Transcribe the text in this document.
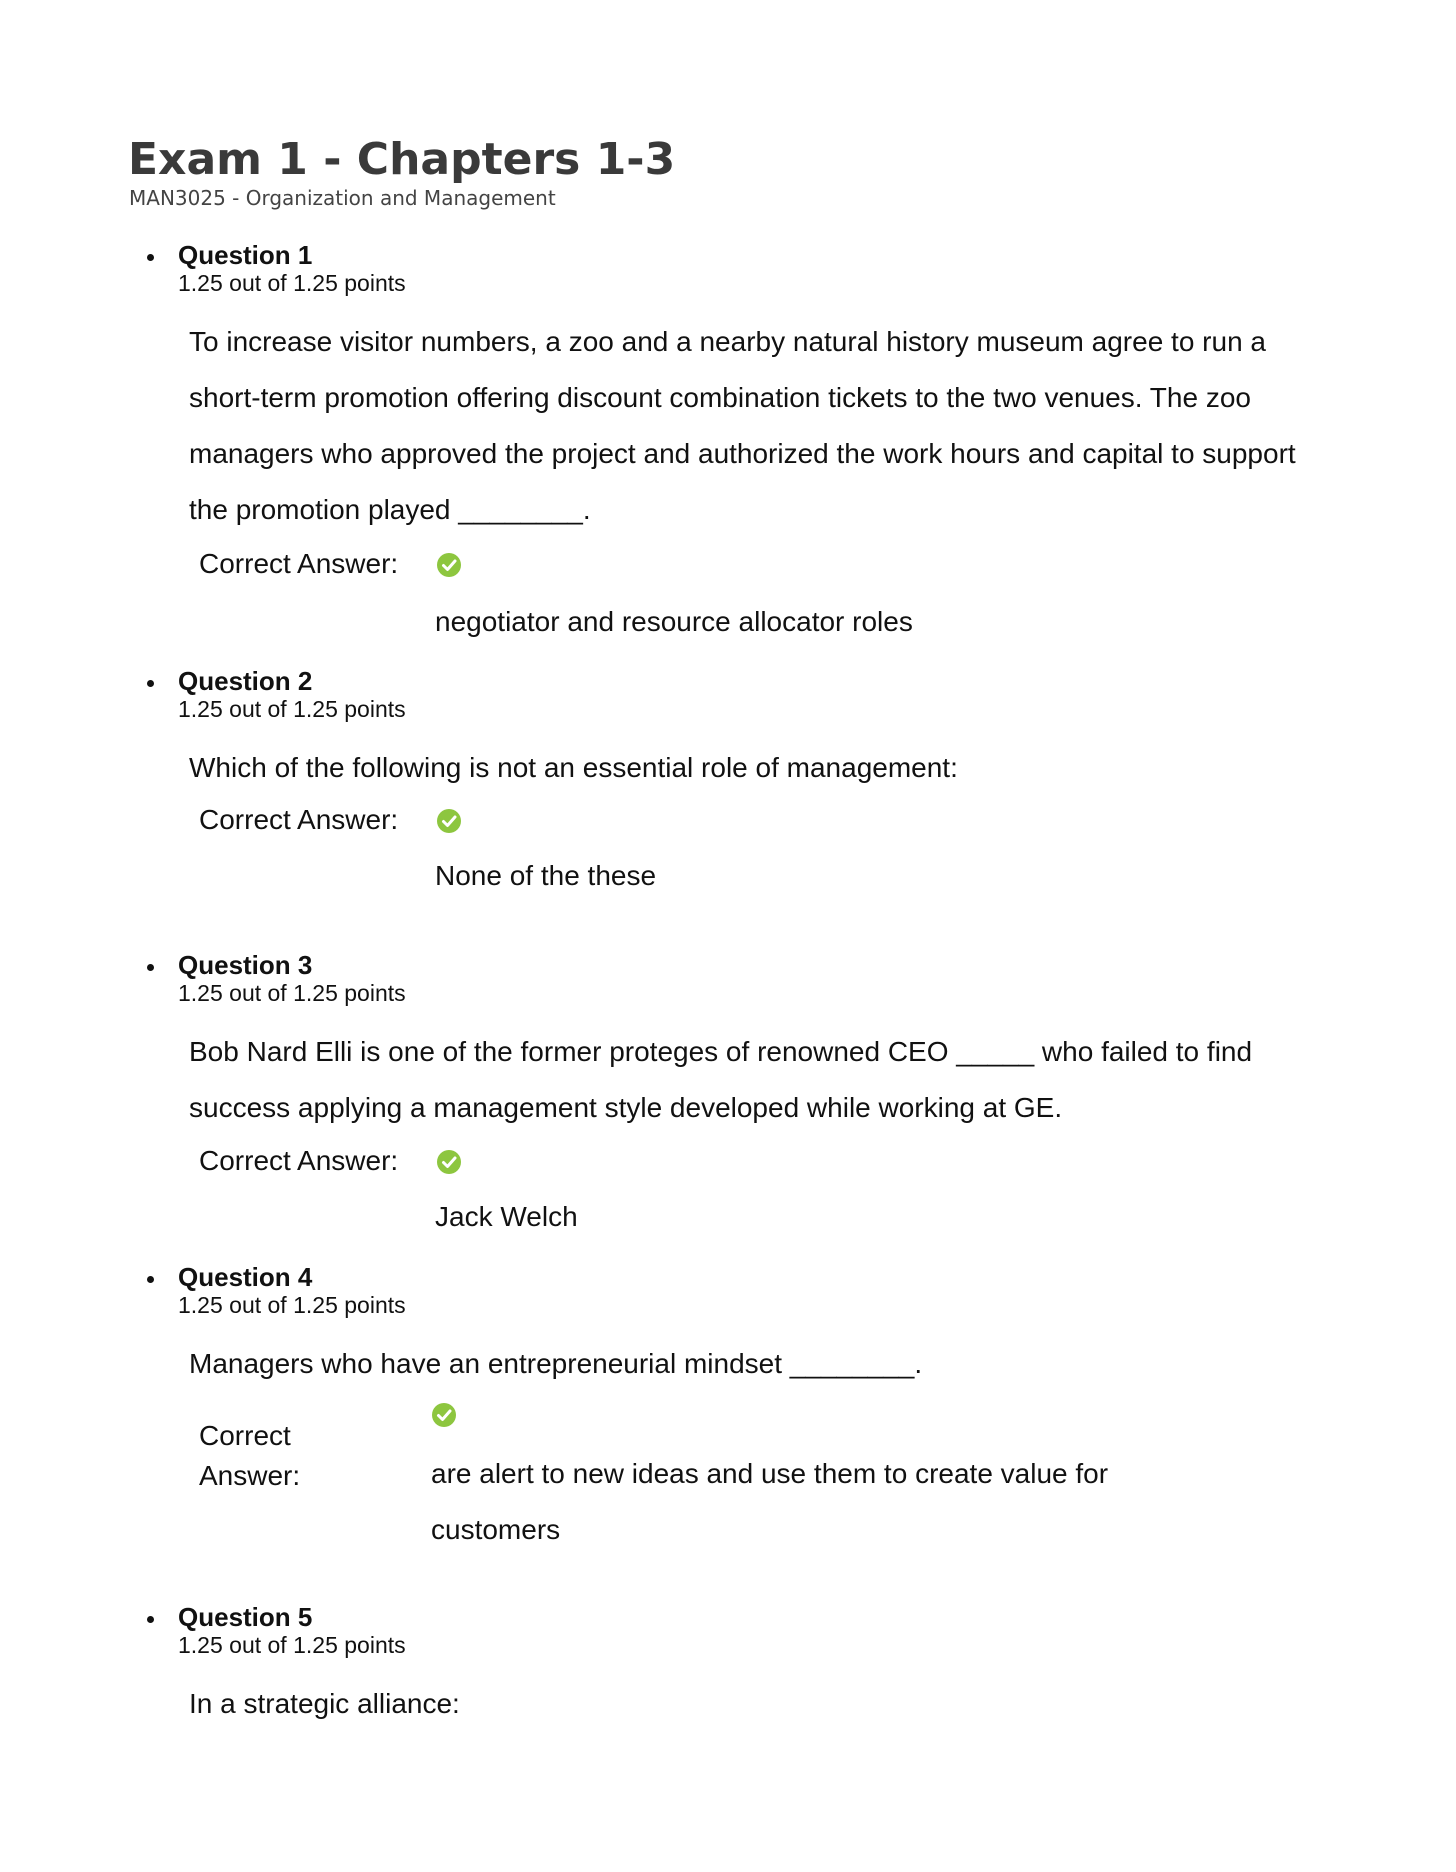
Exam 1 - Chapters 1-3
MAN3025 - Organization and Management
Question 1
1.25 out of 1.25 points

To increase visitor numbers, a zoo and a nearby natural history museum agree to run a short-term promotion offering discount combination tickets to the two venues. The zoo managers who approved the project and authorized the work hours and capital to support the promotion played ________.

Correct Answer:
negotiator and resource allocator roles
Question 2
1.25 out of 1.25 points

Which of the following is not an essential role of management:

Correct Answer:
None of the these
Question 3
1.25 out of 1.25 points

Bob Nard Elli is one of the former proteges of renowned CEO _____ who failed to find success applying a management style developed while working at GE.

Correct Answer:
Jack Welch
Question 4
1.25 out of 1.25 points

Managers who have an entrepreneurial mindset ________.

Correct
Answer:	are alert to new ideas and use them to create value for customers
Question 5
1.25 out of 1.25 points

In a strategic alliance:
